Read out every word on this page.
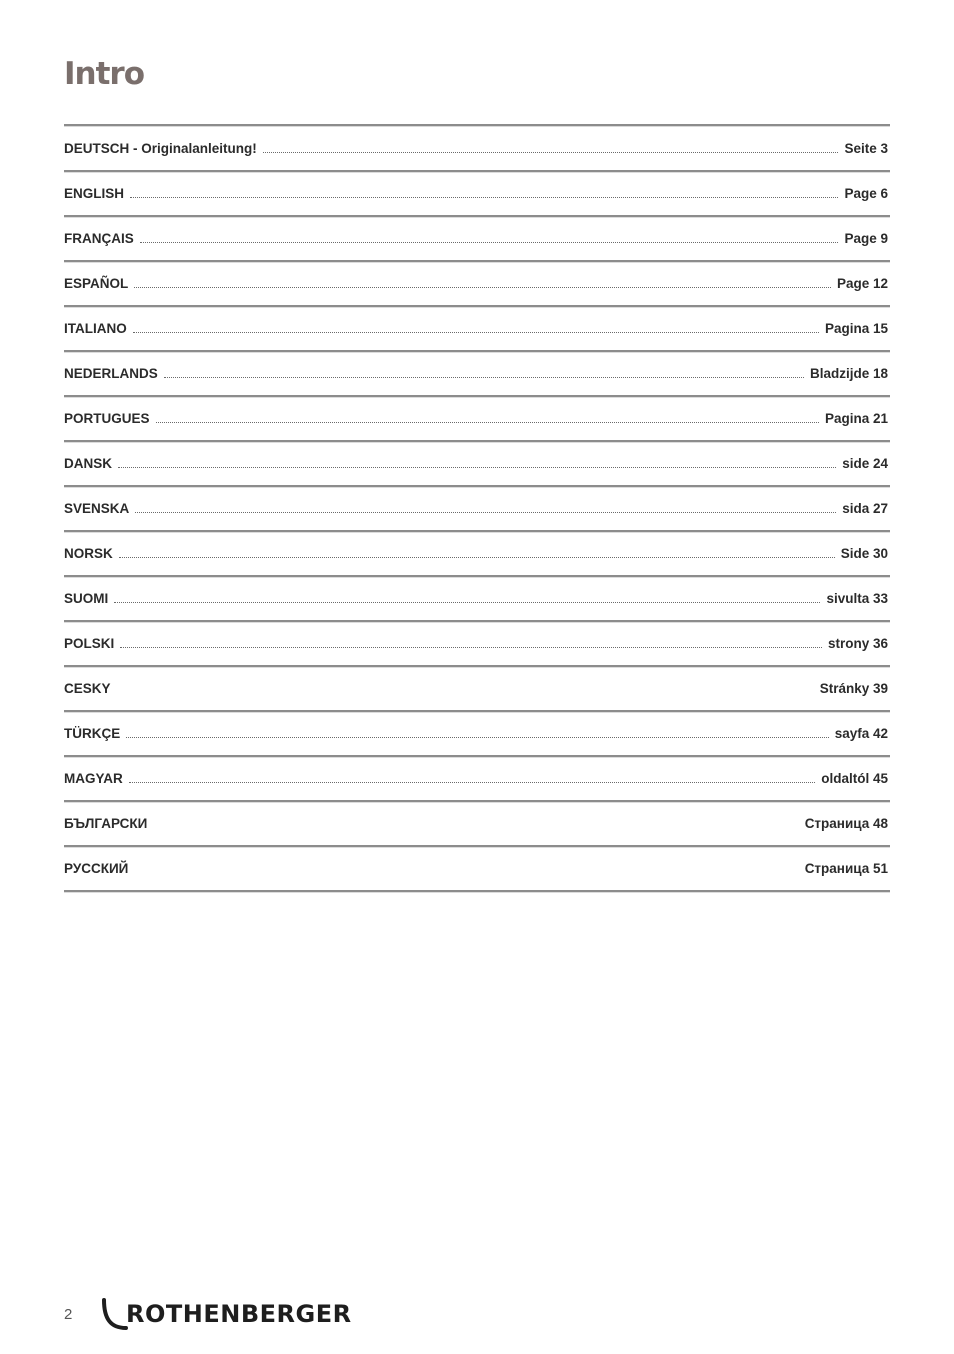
Intro
DEUTSCH - Originalanleitung!	Seite 3
ENGLISH	Page 6
FRANÇAIS	Page 9
ESPAÑOL	Page 12
ITALIANO	Pagina 15
NEDERLANDS	Bladzijde 18
PORTUGUES	Pagina 21
DANSK	side 24
SVENSKA	sida 27
NORSK	Side 30
SUOMI	sivulta 33
POLSKI	strony 36
CESKY	Stránky 39
TÜRKÇE	sayfa 42
MAGYAR	oldaltól 45
БЪЛГАРСКИ	Страница 48
РУССКИЙ	Страница 51
2	ROTHENBERGER
